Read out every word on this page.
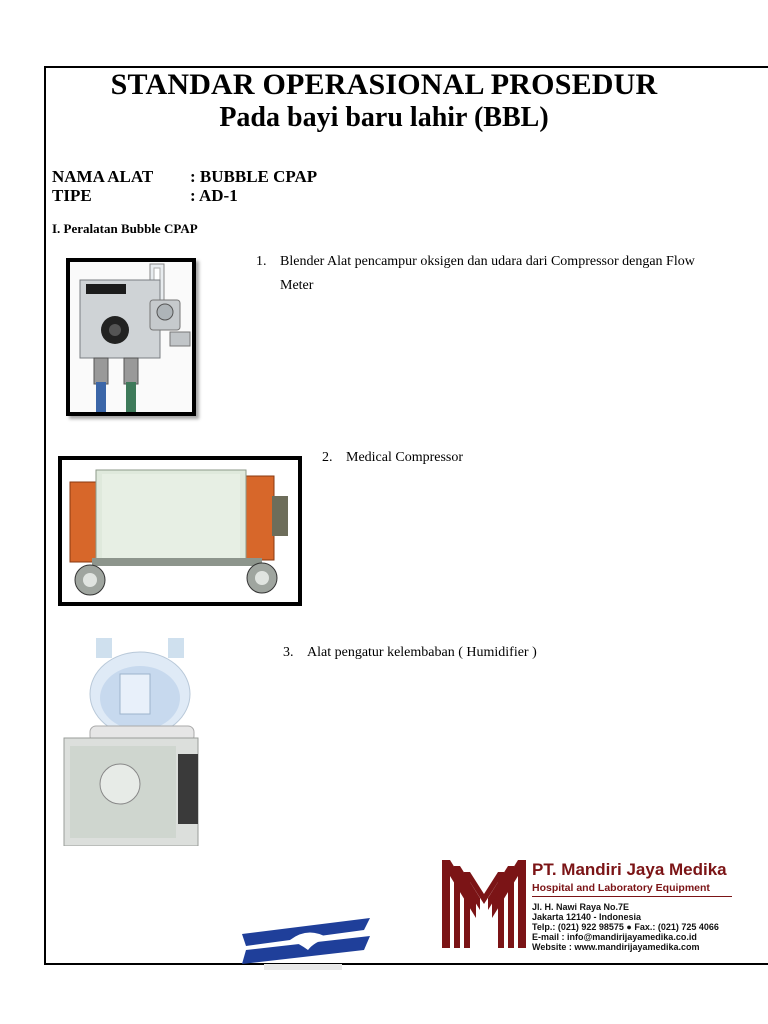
STANDAR OPERASIONAL PROSEDUR
Pada bayi baru lahir (BBL)
NAMA ALAT : BUBBLE CPAP
TIPE	: AD-1
I. Peralatan Bubble CPAP
1. Blender Alat pencampur oksigen dan udara dari Compressor dengan Flow
Meter
2. Medical Compressor
3. Alat pengatur kelembaban ( Humidifier )
PT. Mandiri Jaya Medika
Hospital and Laboratory Equipment
Jl. H. Nawi Raya No.7E
Jakarta 12140 - Indonesia
Telp.: (021) 922 98575 ● Fax.: (021) 725 4066
E-mail : info@mandirijayamedika.co.id
Website : www.mandirijayamedika.com
